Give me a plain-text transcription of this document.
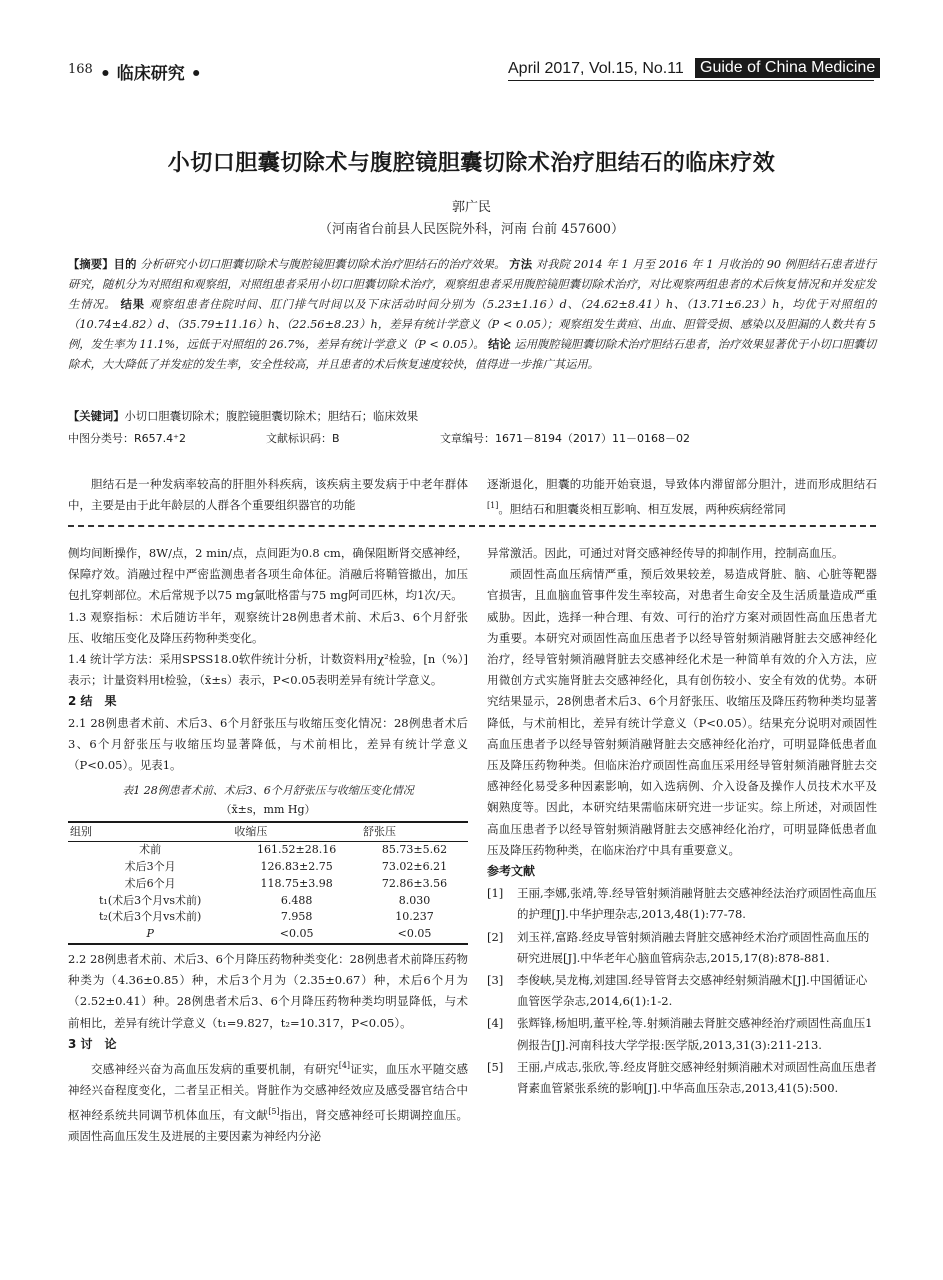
168 • 临床研究 •	April 2017, Vol.15, No.11	Guide of China Medicine
小切口胆囊切除术与腹腔镜胆囊切除术治疗胆结石的临床疗效
郭广民
（河南省台前县人民医院外科，河南 台前 457600）
【摘要】目的 分析研究小切口胆囊切除术与腹腔镜胆囊切除术治疗胆结石的治疗效果。 方法 对我院 2014 年 1 月至 2016 年 1 月收治的 90 例胆结石患者进行研究，随机分为对照组和观察组，对照组患者采用小切口胆囊切除术治疗，观察组患者采用腹腔镜胆囊切除术治疗，对比观察两组患者的术后恢复情况和并发症发生情况。 结果 观察组患者住院时间、肛门排气时间以及下床活动时间分别为（5.23±1.16）d、（24.62±8.41）h、（13.71±6.23）h，均优于对照组的（10.74±4.82）d、（35.79±11.16）h、（22.56±8.23）h，差异有统计学意义（P < 0.05）；观察组发生黄疸、出血、胆管受损、感染以及胆漏的人数共有 5 例，发生率为 11.1%，远低于对照组的 26.7%，差异有统计学意义（P < 0.05）。 结论 运用腹腔镜胆囊切除术治疗胆结石患者，治疗效果显著优于小切口胆囊切除术，大大降低了并发症的发生率，安全性较高，并且患者的术后恢复速度较快，值得进一步推广其运用。
【关键词】小切口胆囊切除术；腹腔镜胆囊切除术；胆结石；临床效果
中图分类号：R657.4⁺2	文献标识码：B	文章编号：1671－8194（2017）11－0168－02
胆结石是一种发病率较高的肝胆外科疾病，该疾病主要发病于中老年群体中，主要是由于此年龄层的人群各个重要组织器官的功能
逐渐退化，胆囊的功能开始衰退，导致体内滞留部分胆汁，进而形成胆结石[1]。胆结石和胆囊炎相互影响、相互发展，两种疾病经常同

侧均间断操作，8W/点，2 min/点，点间距为0.8 cm，确保阻断肾交感神经，保障疗效。消融过程中严密监测患者各项生命体征。消融后将鞘管撤出，加压包扎穿刺部位。术后常规予以75 mg氯吡格雷与75 mg阿司匹林，均1次/天。

1.3 观察指标：术后随访半年，观察统计28例患者术前、术后3、6个月舒张压、收缩压变化及降压药物种类变化。

1.4 统计学方法：采用SPSS18.0软件统计分析，计数资料用χ²检验，[n（%）]表示；计量资料用t检验，（x̄±s）表示，P<0.05表明差异有统计学意义。

2 结　果

2.1 28例患者术前、术后3、6个月舒张压与收缩压变化情况：28例患者术后3、6个月舒张压与收缩压均显著降低，与术前相比，差异有统计学意义（P<0.05）。见表1。

表1 28例患者术前、术后3、6个月舒张压与收缩压变化情况
（x̄±s，mm Hg）
组别	收缩压	舒张压
术前	161.52±28.16	85.73±5.62
术后3个月	126.83±2.75	73.02±6.21
术后6个月	118.75±3.98	72.86±3.56
t₁(术后3个月vs术前)	6.488	8.030
t₂(术后3个月vs术前)	7.958	10.237
P	<0.05	<0.05

2.2 28例患者术前、术后3、6个月降压药物种类变化：28例患者术前降压药物种类为（4.36±0.85）种，术后3个月为（2.35±0.67）种，术后6个月为（2.52±0.41）种。28例患者术后3、6个月降压药物种类均明显降低，与术前相比，差异有统计学意义（t₁=9.827，t₂=10.317，P<0.05）。

3 讨　论

交感神经兴奋为高血压发病的重要机制，有研究[4]证实，血压水平随交感神经兴奋程度变化，二者呈正相关。肾脏作为交感神经效应及感受器官结合中枢神经系统共同调节机体血压，有文献[5]指出，肾交感神经可长期调控血压。顽固性高血压发生及进展的主要因素为神经内分泌

异常激活。因此，可通过对肾交感神经传导的抑制作用，控制高血压。

顽固性高血压病情严重，预后效果较差，易造成肾脏、脑、心脏等靶器官损害，且血脑血管事件发生率较高，对患者生命安全及生活质量造成严重威胁。因此，选择一种合理、有效、可行的治疗方案对顽固性高血压患者尤为重要。本研究对顽固性高血压患者予以经导管射频消融肾脏去交感神经化治疗，经导管射频消融肾脏去交感神经化术是一种简单有效的介入方法，应用微创方式实施肾脏去交感神经化，具有创伤较小、安全有效的优势。本研究结果显示，28例患者术后3、6个月舒张压、收缩压及降压药物种类均显著降低，与术前相比，差异有统计学意义（P<0.05）。结果充分说明对顽固性高血压患者予以经导管射频消融肾脏去交感神经化治疗，可明显降低患者血压及降压药物种类。但临床治疗顽固性高血压采用经导管射频消融肾脏去交感神经化易受多种因素影响，如入选病例、介入设备及操作人员技术水平及娴熟度等。因此，本研究结果需临床研究进一步证实。综上所述，对顽固性高血压患者予以经导管射频消融肾脏去交感神经化治疗，可明显降低患者血压及降压药物种类，在临床治疗中具有重要意义。

参考文献

[1]	王丽,李娜,张靖,等.经导管射频消融肾脏去交感神经法治疗顽固性高血压的护理[J].中华护理杂志,2013,48(1):77-78.
[2]	刘玉祥,富路.经皮导管射频消融去肾脏交感神经术治疗顽固性高血压的研究进展[J].中华老年心脑血管病杂志,2015,17(8):878-881.
[3]	李俊峡,吴龙梅,刘建国.经导管肾去交感神经射频消融术[J].中国循证心血管医学杂志,2014,6(1):1-2.
[4]	张辉锋,杨旭明,董平栓,等.射频消融去肾脏交感神经治疗顽固性高血压1例报告[J].河南科技大学学报:医学版,2013,31(3):211-213.
[5]	王丽,卢成志,张欣,等.经皮肾脏交感神经射频消融术对顽固性高血压患者肾素血管紧张系统的影响[J].中华高血压杂志,2013,41(5):500.
